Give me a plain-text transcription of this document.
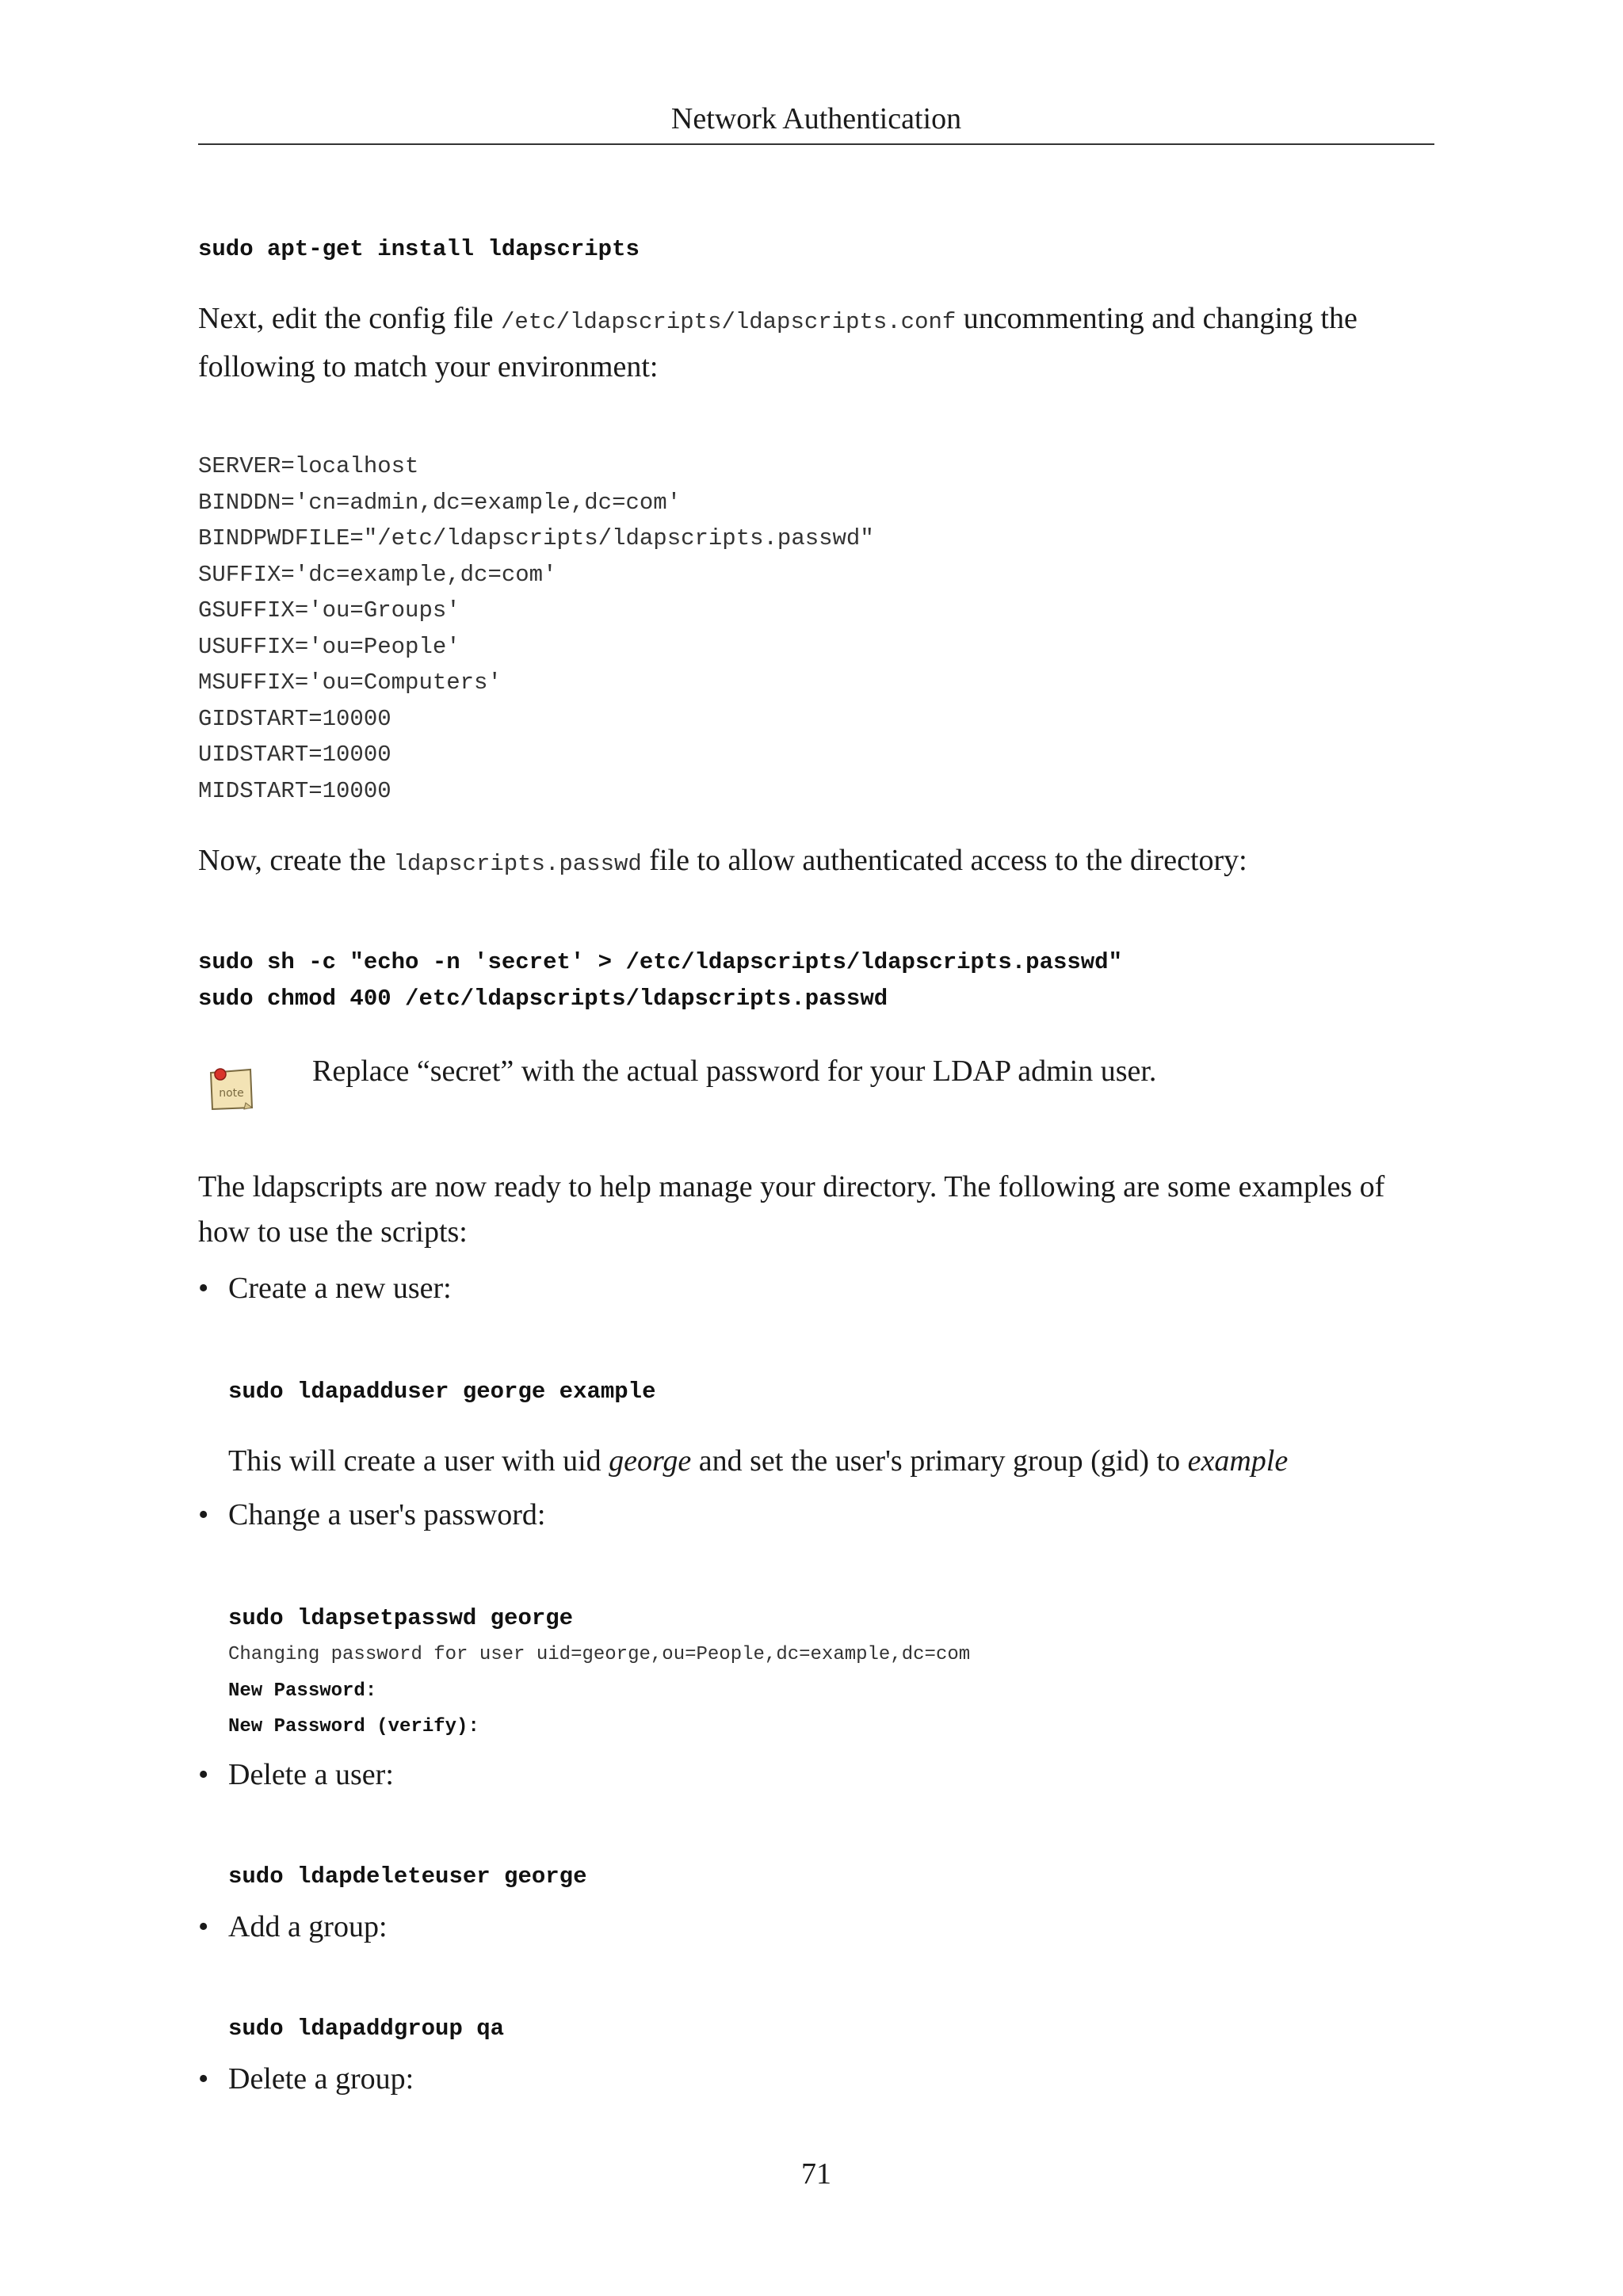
Network Authentication
sudo apt-get install ldapscripts

Next, edit the config file /etc/ldapscripts/ldapscripts.conf uncommenting and changing the following to match your environment:

SERVER=localhost
BINDDN='cn=admin,dc=example,dc=com'
BINDPWDFILE="/etc/ldapscripts/ldapscripts.passwd"
SUFFIX='dc=example,dc=com'
GSUFFIX='ou=Groups'
USUFFIX='ou=People'
MSUFFIX='ou=Computers'
GIDSTART=10000
UIDSTART=10000
MIDSTART=10000

Now, create the ldapscripts.passwd file to allow authenticated access to the directory:

sudo sh -c "echo -n 'secret' > /etc/ldapscripts/ldapscripts.passwd"
sudo chmod 400 /etc/ldapscripts/ldapscripts.passwd
note
Replace “secret” with the actual password for your LDAP admin user.

The ldapscripts are now ready to help manage your directory. The following are some examples of how to use the scripts:

• Create a new user:
sudo ldapadduser george example

This will create a user with uid george and set the user's primary group (gid) to example

• Change a user's password:
sudo ldapsetpasswd george
Changing password for user uid=george,ou=People,dc=example,dc=com
New Password:
New Password (verify):
• Delete a user:
sudo ldapdeleteuser george
• Add a group:
sudo ldapaddgroup qa
• Delete a group:
71
